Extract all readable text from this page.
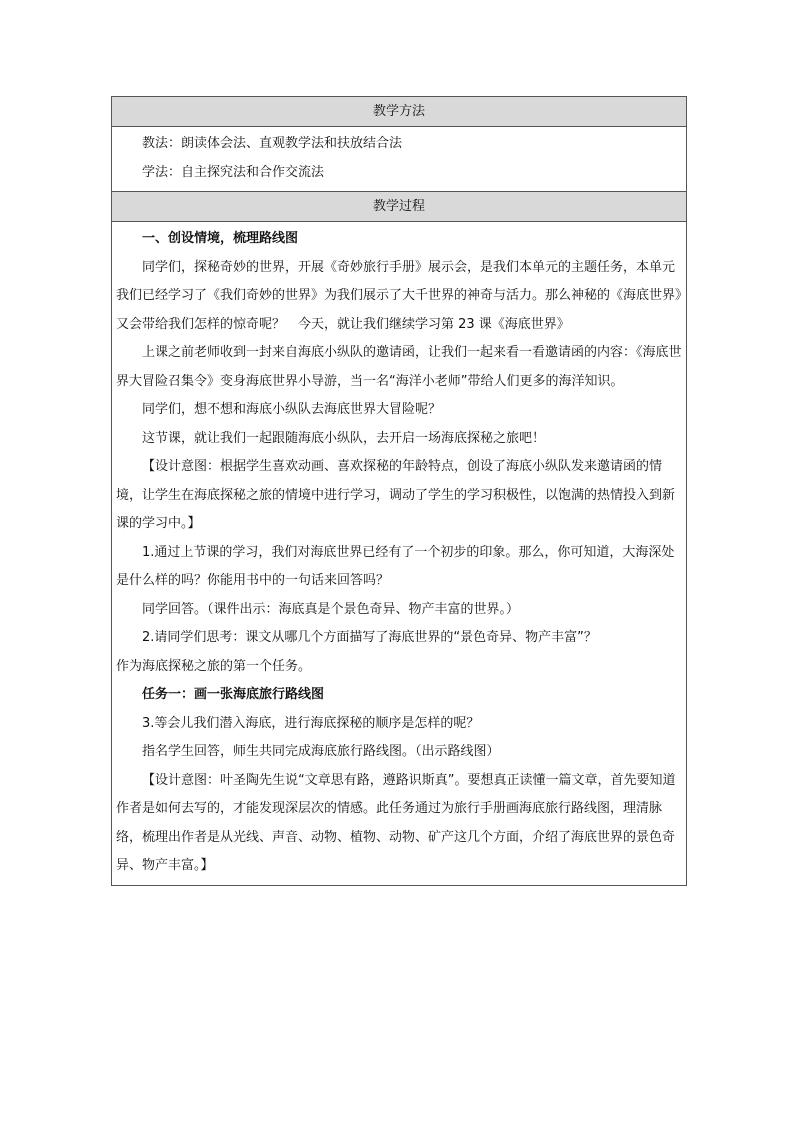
教学方法

教法：朗读体会法、直观教学法和扶放结合法

学法：自主探究法和合作交流法

教学过程

一、创设情境，梳理路线图

同学们，探秘奇妙的世界，开展《奇妙旅行手册》展示会，是我们本单元的主题任务，本单元我们已经学习了《我们奇妙的世界》为我们展示了大千世界的神奇与活力。那么神秘的《海底世界》又会带给我们怎样的惊奇呢？　今天，就让我们继续学习第 23 课《海底世界》

上课之前老师收到一封来自海底小纵队的邀请函，让我们一起来看一看邀请函的内容：《海底世界大冒险召集令》变身海底世界小导游，当一名“海洋小老师”带给人们更多的海洋知识。

同学们，想不想和海底小纵队去海底世界大冒险呢？

这节课，就让我们一起跟随海底小纵队，去开启一场海底探秘之旅吧！

【设计意图：根据学生喜欢动画、喜欢探秘的年龄特点，创设了海底小纵队发来邀请函的情境，让学生在海底探秘之旅的情境中进行学习，调动了学生的学习积极性，以饱满的热情投入到新课的学习中。】

1.通过上节课的学习，我们对海底世界已经有了一个初步的印象。那么，你可知道，大海深处是什么样的吗？你能用书中的一句话来回答吗？

同学回答。（课件出示：海底真是个景色奇异、物产丰富的世界。）

2.请同学们思考：课文从哪几个方面描写了海底世界的“景色奇异、物产丰富”？

作为海底探秘之旅的第一个任务。

任务一：画一张海底旅行路线图

3.等会儿我们潜入海底，进行海底探秘的顺序是怎样的呢？

指名学生回答，师生共同完成海底旅行路线图。（出示路线图）

【设计意图：叶圣陶先生说“文章思有路，遵路识斯真”。要想真正读懂一篇文章，首先要知道作者是如何去写的，才能发现深层次的情感。此任务通过为旅行手册画海底旅行路线图，理清脉络，梳理出作者是从光线、声音、动物、植物、动物、矿产这几个方面，介绍了海底世界的景色奇异、物产丰富。】
